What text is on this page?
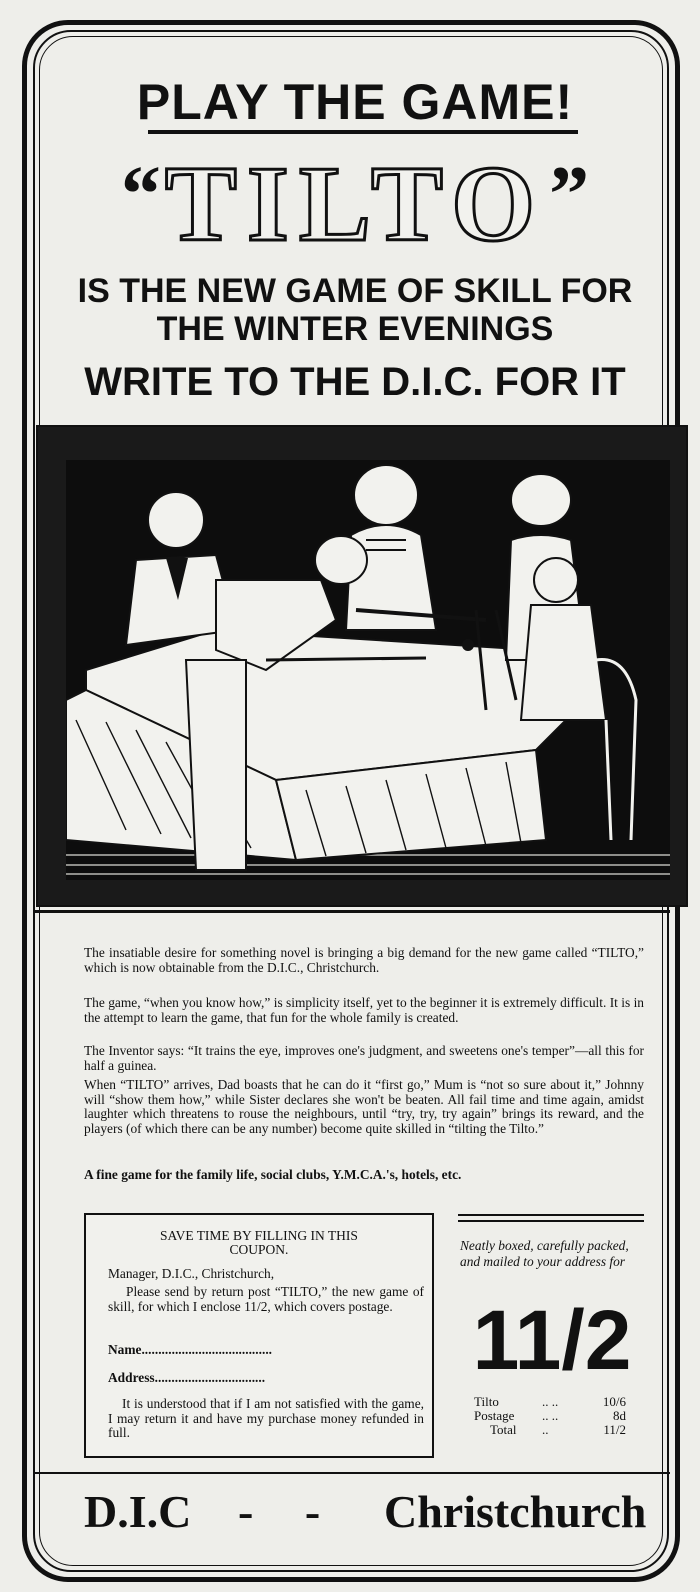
PLAY THE GAME!
“ TILTO ”
IS THE NEW GAME OF SKILL FOR
THE WINTER EVENINGS
WRITE TO THE D.I.C. FOR IT
The insatiable desire for something novel is bringing a big demand for the new game called “TILTO,” which is now obtainable from the D.I.C., Christchurch.
The game, “when you know how,” is simplicity itself, yet to the beginner it is extremely difficult. It is in the attempt to learn the game, that fun for the whole family is created.
The Inventor says: “It trains the eye, improves one's judgment, and sweetens one's temper”—all this for half a guinea.
When “TILTO” arrives, Dad boasts that he can do it “first go,” Mum is “not so sure about it,” Johnny will “show them how,” while Sister declares she won't be beaten. All fail time and time again, amidst laughter which threatens to rouse the neighbours, until “try, try, try again” brings its reward, and the players (of which there can be any number) become quite skilled in “tilting the Tilto.”
A fine game for the family life, social clubs, Y.M.C.A.'s, hotels, etc.
SAVE TIME BY FILLING IN THIS
COUPON.
Manager, D.I.C., Christchurch,
Please send by return post “TILTO,” the new game of skill, for which I enclose 11/2, which covers postage.
Name.......................................
Address.................................
It is understood that if I am not satisfied with the game, I may return it and have my purchase money refunded in full.
Neatly boxed, carefully packed, and mailed to your address for
11/2
Tilto	.. ..	10/6
Postage .. ..	8d
Total ..	11/2
D.I.C - - Christchurch
